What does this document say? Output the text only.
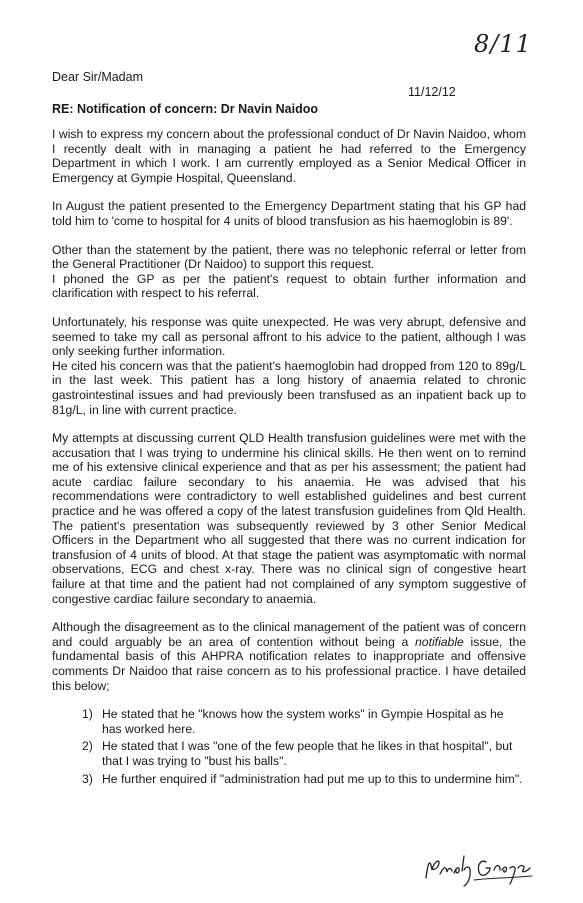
8/11
Dear Sir/Madam
11/12/12
RE: Notification of concern: Dr Navin Naidoo

I wish to express my concern about the professional conduct of Dr Navin Naidoo, whom I recently dealt with in managing a patient he had referred to the Emergency Department in which I work. I am currently employed as a Senior Medical Officer in Emergency at Gympie Hospital, Queensland.

In August the patient presented to the Emergency Department stating that his GP had told him to 'come to hospital for 4 units of blood transfusion as his haemoglobin is 89'.

Other than the statement by the patient, there was no telephonic referral or letter from the General Practitioner (Dr Naidoo) to support this request.

I phoned the GP as per the patient's request to obtain further information and clarification with respect to his referral.

Unfortunately, his response was quite unexpected. He was very abrupt, defensive and seemed to take my call as personal affront to his advice to the patient, although I was only seeking further information.

He cited his concern was that the patient's haemoglobin had dropped from 120 to 89g/L in the last week. This patient has a long history of anaemia related to chronic gastrointestinal issues and had previously been transfused as an inpatient back up to 81g/L, in line with current practice.

My attempts at discussing current QLD Health transfusion guidelines were met with the accusation that I was trying to undermine his clinical skills. He then went on to remind me of his extensive clinical experience and that as per his assessment; the patient had acute cardiac failure secondary to his anaemia. He was advised that his recommendations were contradictory to well established guidelines and best current practice and he was offered a copy of the latest transfusion guidelines from Qld Health. The patient's presentation was subsequently reviewed by 3 other Senior Medical Officers in the Department who all suggested that there was no current indication for transfusion of 4 units of blood. At that stage the patient was asymptomatic with normal observations, ECG and chest x-ray. There was no clinical sign of congestive heart failure at that time and the patient had not complained of any symptom suggestive of congestive cardiac failure secondary to anaemia.

Although the disagreement as to the clinical management of the patient was of concern and could arguably be an area of contention without being a notifiable issue, the fundamental basis of this AHPRA notification relates to inappropriate and offensive comments Dr Naidoo that raise concern as to his professional practice. I have detailed this below;

1) He stated that he "knows how the system works" in Gympie Hospital as he has worked here.
2) He stated that I was "one of the few people that he likes in that hospital", but that I was trying to "bust his balls".
3) He further enquired if "administration had put me up to this to undermine him".
